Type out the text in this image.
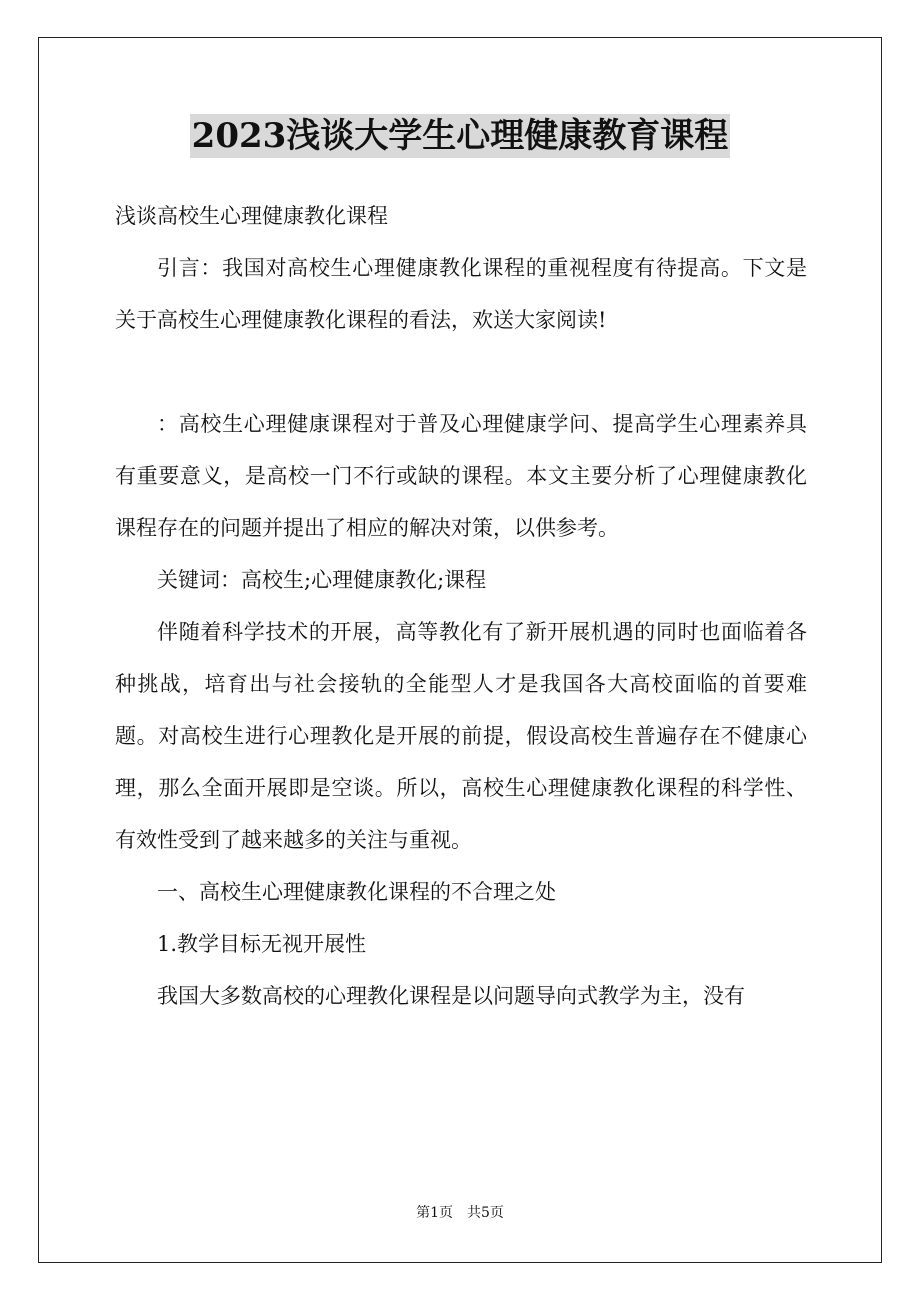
2023浅谈大学生心理健康教育课程

浅谈高校生心理健康教化课程

引言：我国对高校生心理健康教化课程的重视程度有待提高。下文是关于高校生心理健康教化课程的看法，欢送大家阅读!

：高校生心理健康课程对于普及心理健康学问、提高学生心理素养具有重要意义，是高校一门不行或缺的课程。本文主要分析了心理健康教化课程存在的问题并提出了相应的解决对策，以供参考。

关键词：高校生;心理健康教化;课程

伴随着科学技术的开展，高等教化有了新开展机遇的同时也面临着各种挑战，培育出与社会接轨的全能型人才是我国各大高校面临的首要难题。对高校生进行心理教化是开展的前提，假设高校生普遍存在不健康心理，那么全面开展即是空谈。所以，高校生心理健康教化课程的科学性、有效性受到了越来越多的关注与重视。

一、高校生心理健康教化课程的不合理之处

1.教学目标无视开展性

我国大多数高校的心理教化课程是以问题导向式教学为主，没有

第1页　共5页
